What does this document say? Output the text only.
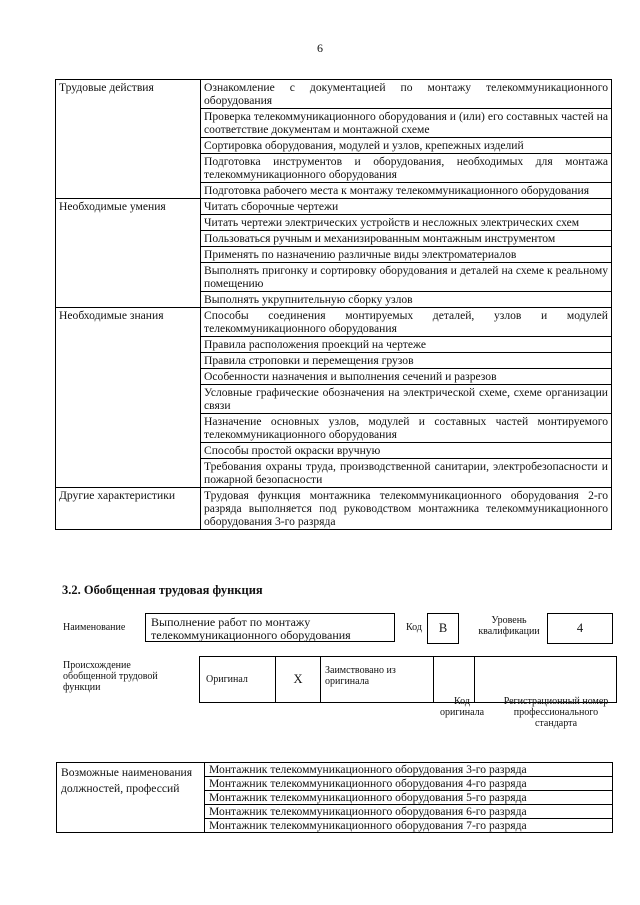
6
Трудовые действия	Ознакомление с документацией по монтажу телекоммуникационного оборудования
	Проверка телекоммуникационного оборудования и (или) его составных частей на соответствие документам и монтажной схеме
	Сортировка оборудования, модулей и узлов, крепежных изделий
	Подготовка инструментов и оборудования, необходимых для монтажа телекоммуникационного оборудования
	Подготовка рабочего места к монтажу телекоммуникационного оборудования
Необходимые умения	Читать сборочные чертежи
	Читать чертежи электрических устройств и несложных электрических схем
	Пользоваться ручным и механизированным монтажным инструментом
	Применять по назначению различные виды электроматериалов
	Выполнять пригонку и сортировку оборудования и деталей на схеме к реальному помещению
	Выполнять укрупнительную сборку узлов
Необходимые знания	Способы соединения монтируемых деталей, узлов и модулей телекоммуникационного оборудования
	Правила расположения проекций на чертеже
	Правила строповки и перемещения грузов
	Особенности назначения и выполнения сечений и разрезов
	Условные графические обозначения на электрической схеме, схеме организации связи
	Назначение основных узлов, модулей и составных частей монтируемого телекоммуникационного оборудования
	Способы простой окраски вручную
	Требования охраны труда, производственной санитарии, электробезопасности и пожарной безопасности
Другие характеристики	Трудовая функция монтажника телекоммуникационного оборудования 2-го разряда выполняется под руководством монтажника телекоммуникационного оборудования 3-го разряда
3.2. Обобщенная трудовая функция
Наименование	Выполнение работ по монтажу телекоммуникационного оборудования
Код	B
Уровень квалификации	4
Происхождение обобщенной трудовой функции
Оригинал	X	Заимствовано из оригинала		
Код оригинала
Регистрационный номер профессионального стандарта
Возможные наименования должностей, профессий	Монтажник телекоммуникационного оборудования 3-го разряда
Монтажник телекоммуникационного оборудования 4-го разряда
Монтажник телекоммуникационного оборудования 5-го разряда
Монтажник телекоммуникационного оборудования 6-го разряда
Монтажник телекоммуникационного оборудования 7-го разряда
